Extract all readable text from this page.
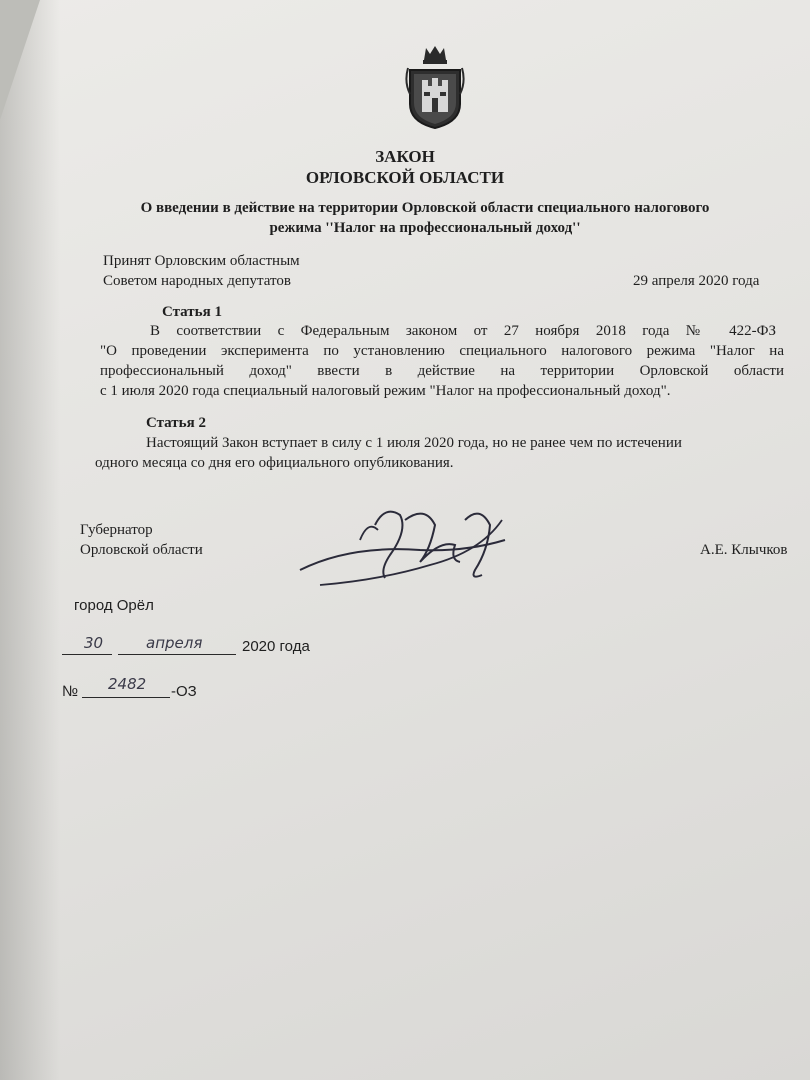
ЗАКОН
ОРЛОВСКОЙ ОБЛАСТИ
О введении в действие на территории Орловской области специального налогового
режима ''Налог на профессиональный доход''
Принят Орловским областным
Советом народных депутатов	29 апреля 2020 года
Статья 1
В соответствии с Федеральным законом от 27 ноября 2018 года № 422-ФЗ
"О проведении эксперимента по установлению специального налогового режима "Налог на
профессиональный доход" ввести в действие на территории Орловской области
с 1 июля 2020 года специальный налоговый режим "Налог на профессиональный доход".
Статья 2
Настоящий Закон вступает в силу с 1 июля 2020 года, но не ранее чем по истечении
одного месяца со дня его официального опубликования.
Губернатор
Орловской области	А.Е. Клычков
город Орёл
30	апреля	2020 года
№ 2482 -ОЗ
